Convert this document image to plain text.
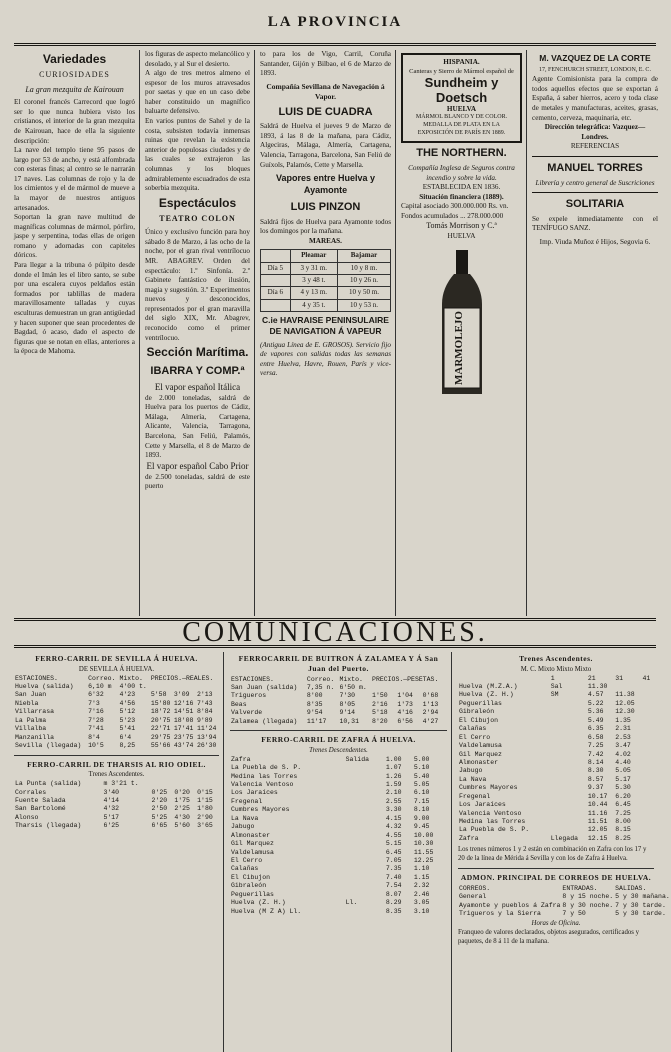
LA PROVINCIA
Variedades
CURIOSIDADES
La gran mezquita de Kairouan

El coronel francés Carrecord que logró ser lo que nunca hubiera visto los cristianos, el interior de la gran mezquita de Kairouan, hace de ella la siguiente descripción:

La nave del templo tiene 95 pasos de largo por 53 de ancho, y está alfombrada con esteras finas; al centro se le narrarán 17 naves. Las columnas de rojo y la de los cimientos y el de mármol de mueve a la mayor de nuestros antiguos artesanados.

Soportan la gran nave multitud de magníficas columnas de mármol, pórfiro, jaspe y serpentina, todas ellas de origen romano y adornadas con capiteles dóricos.

Para llegar a la tribuna ó púlpito desde donde el Imán les el libro santo, se sube por una escalera cuyos peldaños están formados por tablillas de madera maravillosamente talladas y cuyas esculturas demuestran un gran antigüedad y hacen suponer que sean procedentes de Bagdad, ó acaso, dado el aspecto de figuras que se notan en ellas, anteriores a la época de Mahoma.

los figuras de aspecto melancólico y desolado, y al Sur el desierto.

A algo de tres metros almeno el espesor de los muros atravesados por saetas y que en un caso debe haber constituido un magnífico baluarte defensivo.

En varios puntos de Sahel y de la costa, subsisten todavía inmensas ruinas que revelan la existencia anterior de populosas ciudades y de las cuales se extrajeron las columnas y los bloques admirablemente escuadrados de esta soberbia mezquita.

Espectáculos
TEATRO COLON

Único y exclusivo función para hoy sábado 8 de Marzo, á las ocho de la noche, por el gran rival ventrílocuo MR. ABAGREV. Orden del espectáculo: 1.º Sinfonía. 2.º Gabinete fantástico de ilusión, magia y sugestión. 3.º Experimentos nuevos y desconocidos, representados por el gran maravilla del siglo XIX, Mr. Abagrev, reconocido como el primer ventrílocuo.

Sección Marítima.
IBARRA Y COMP.ª
El vapor español Itálica

de 2.000 toneladas, saldrá de Huelva para los puertos de Cádiz, Málaga, Almería, Cartagena, Alicante, Valencia, Tarragona, Barcelona, San Feliú, Palamós, Cette y Marsella, el 8 de Marzo de 1893.

El vapor español Cabo Prior

de 2.500 toneladas, saldrá de este puerto

to para los de Vigo, Carril, Coruña Santander, Gijón y Bilbao, el 6 de Marzo de 1893.

Compañía Sevillana de Navegación á Vapor.
LUIS DE CUADRA

Saldrá de Huelva el jueves 9 de Marzo de 1893, á las 8 de la mañana, para Cádiz, Algeciras, Málaga, Almería, Cartagena, Valencia, Tarragona, Barcelona, San Feliú de Guíxols, Palamós, Cette y Marsella.

Vapores entre Huelva y Ayamonte
LUIS PINZON

Saldrá fijos de Huelva para Ayamonte todos los domingos por la mañana.

MAREAS.
	Pleamar	Bajamar
Día 5	3 y 31 m.	10 y 8 m.
	3 y 48 t.	10 y 26 n.
Día 6	4 y 13 m.	10 y 50 m.
	4 y 35 t.	10 y 53 n.
C.ie HAVRAISE PENINSULAIRE DE NAVIGATION Á VAPEUR

(Antigua Línea de E. GROSOS). Servicio fijo de vapores con salidas todas las semanas entre Huelva, Havre, Rouen, París y vice-versa.

HISPANIA.
Canteras y Sierro de Mármol español de
Sundheim y Doetsch
HUELVA
MÁRMOL BLANCO Y DE COLOR. MEDALLA DE PLATA EN LA EXPOSICIÓN DE PARÍS EN 1889.
THE NORTHERN.
Compañía Inglesa de Seguros contra incendio y sobre la vida.
ESTABLECIDA EN 1836.
Situación financiera (1889).

Capital asociado 300.000.000 Rs. vn.

Fondos acumulados ... 278.000.000

Tomás Morrison y C.ª
HUELVA
MARMOLEJO
M. VAZQUEZ DE LA CORTE
17, FENCHURCH STREET, LONDON, E. C.

Agente Comisionista para la compra de todos aquellos efectos que se exportan á España, á saber hierros, acero y toda clase de metales y manufacturas, aceites, grasas, cemento, cerveza, maquinaria, etc.

Dirección telegráfica: Vazquez—Londres.
REFERENCIAS
MANUEL TORRES
Librería y centro general de Suscriciones
SOLITARIA

Se expele inmediatamente con el TENÍFUGO SANZ.

Imp. Viuda Muñoz é Hijos, Segovia 6.
COMUNICACIONES.
FERRO-CARRIL DE SEVILLA Á HUELVA.
DE SEVILLA Á HUELVA.
ESTACIONES.	Correo.	Mixto.	PRECIOS.—REALES.		
Huelva (salida)	6,10 m	4'00 t.			
San Juan	6'32	4'23	5'58	3'09	2'13
Niebla	7'3	4'56	15'80	12'16	7'43
Villarrasa	7'16	5'12	18'72	14'51	8'84
La Palma	7'28	5'23	20'75	18'08	9'89
Villalba	7'41	5'41	22'71	17'41	11'24
Manzanilla	8'4	6'4	29'75	23'75	13'94
Sevilla (llegada)	10'5	8,25	55'66	43'74	26'30
FERRO-CARRIL DE THARSIS AL RIO ODIEL.
Trenes Ascendentes.
La Punta (salida)	m 3'21 t.			
Corrales	3'40	0'25	0'20	0'15
Fuente Salada	4'14	2'20	1'75	1'15
San Bartolomé	4'32	2'50	2'25	1'80
Alonso	5'17	5'25	4'30	2'90
Tharsis (llegada)	6'25	6'65	5'60	3'65
FERROCARRIL DE BUITRON Á ZALAMEA Y Á San Juan del Puerto.
ESTACIONES.	Correo.	Mixto.	PRECIOS.—PESETAS.		
San Juan (salida)	7,35 n.	6'50 m.			
Trigueros	8'00	7'30	1'50	1'04	0'68
Beas	8'35	8'05	2'16	1'73	1'13
Valverde	9'54	9'14	5'18	4'16	2'94
Zalamea (llegada)	11'17	10,31	8'20	6'56	4'27
FERRO-CARRIL DE ZAFRA Á HUELVA.
Trenes Descendentes.
Zafra	Salida	1.00	5.00
La Puebla de S. P.		1.07	5.10
Medina las Torres		1.26	5.40
Valencia Ventoso		1.59	5.05
Los Jaraíces		2.10	6.10
Fregenal		2.55	7.15
Cumbres Mayores		3.30	8.10
La Nava		4.15	9.00
Jabugo		4.32	9.45
Almonaster		4.55	10.00
Gil Marquez		5.15	10.30
Valdelamusa		6.45	11.55
El Cerro		7.05	12.25
Calañas		7.35	1.10
El Cibujon		7.40	1.15
Gibraleón		7.54	2.32
Peguerillas		8.07	2.46
Huelva (Z. H.)	Ll.	8.29	3.05
Huelva (M Z A) Ll.		8.35	3.10
Trenes Ascendentes.
M. C. Mixto Mixto Mixto
	1	21	31	41
Huelva (M.Z.A.)	Sal	11.30		
Huelva (Z. H.)	SM	4.57	11.38	
Peguerillas		5.22	12.05	
Gibraleón		5.36	12.30	
El Cibujon		5.49	1.35	
Calañas		6.35	2.31	
El Cerro		6.58	2.53	
Valdelamusa		7.25	3.47	
Gil Marquez		7.42	4.02	
Almonaster		8.14	4.40	
Jabugo		8.30	5.05	
La Nava		8.57	5.17	
Cumbres Mayores		9.37	5.30	
Fregenal		10.17	6.20	
Los Jaraíces		10.44	6.45	
Valencia Ventoso		11.16	7.25	
Medina las Torres		11.51	8.00	
La Puebla de S. P.		12.05	8.15	
Zafra	Llegada	12.15	8.25	

Los trenes números 1 y 2 están en combinación en Zafra con los 17 y 20 de la línea de Mérida á Sevilla y con los de Zafra á Huelva.

ADMON. PRINCIPAL DE CORREOS DE HUELVA.
CORREOS.	ENTRADAS.	SALIDAS.
General	8 y 15 noche.	5 y 30 mañana.
Ayamonte y pueblos á Zafra	8 y 30 noche.	7 y 30 tarde.
Trigueros y la Sierra	7 y 50	5 y 30 tarde.
Horas de Oficina.

Franqueo de valores declarados, objetos asegurados, certificados y paquetes, de 8 á 11 de la mañana.
